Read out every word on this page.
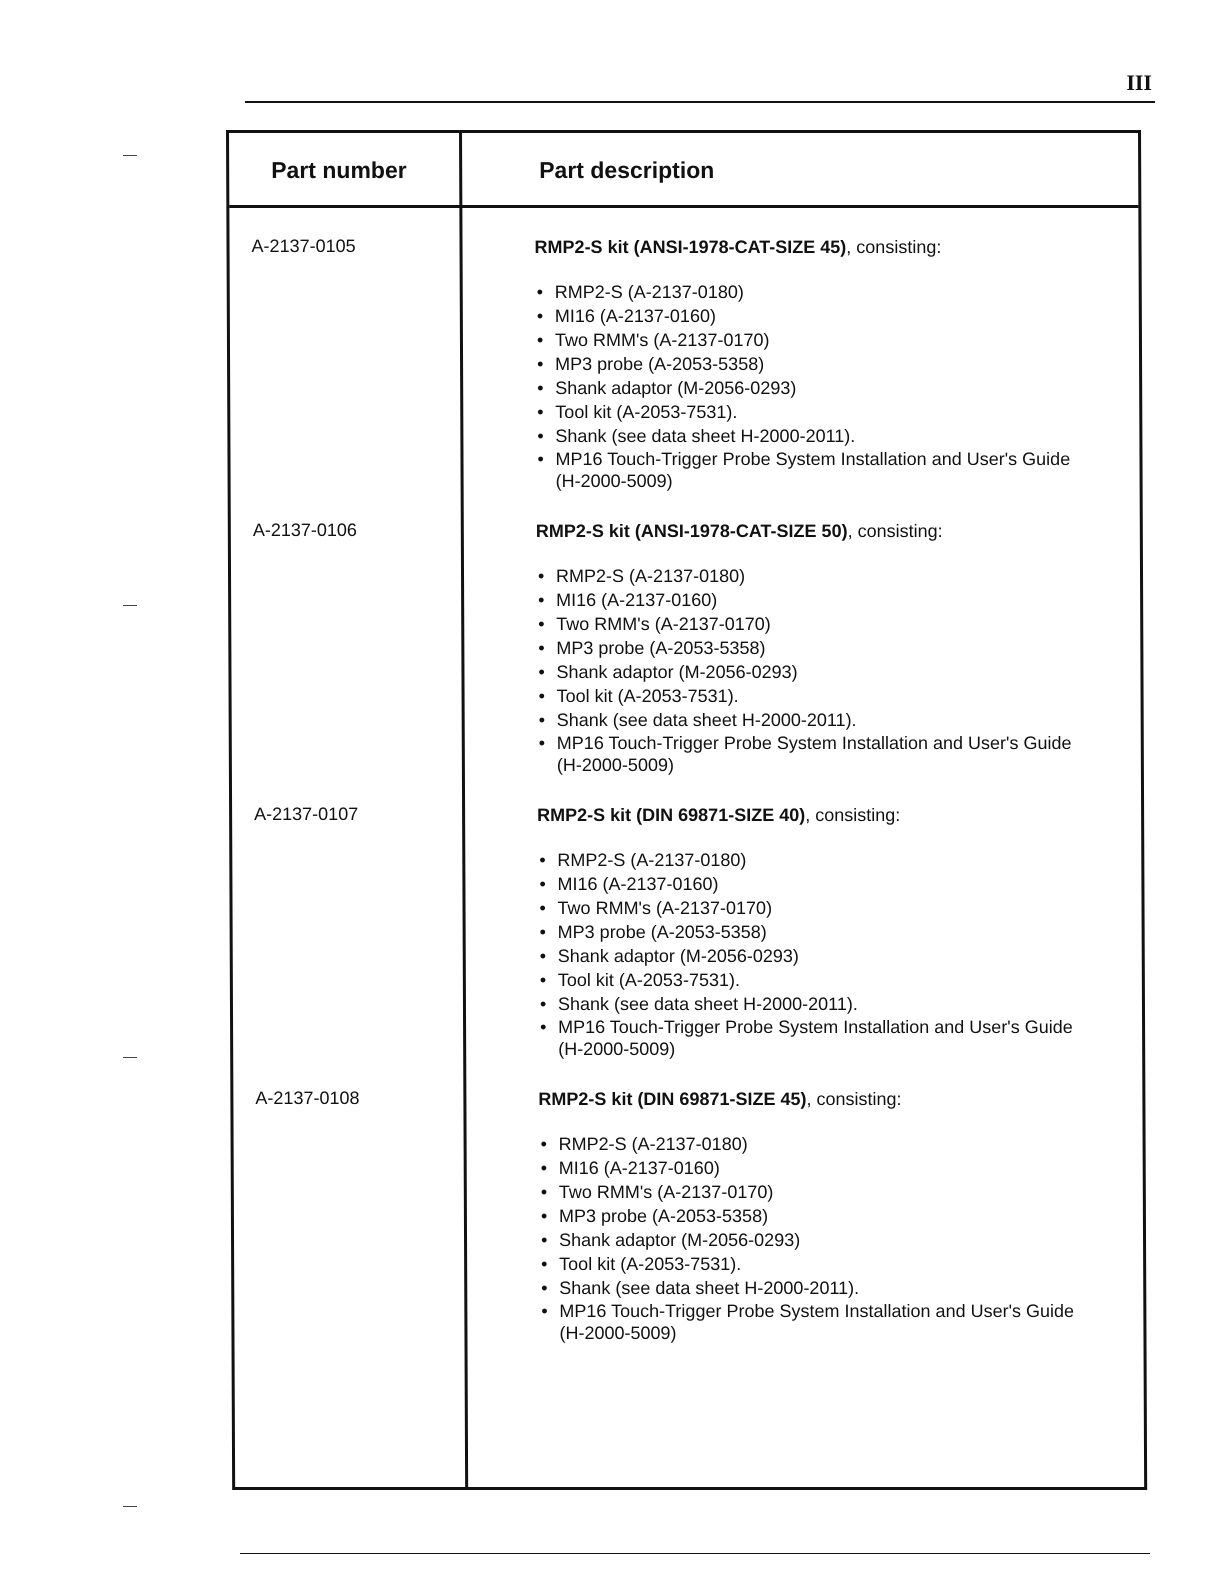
III
Part number	Part description
A-2137-0105	RMP2-S kit (ANSI-1978-CAT-SIZE 45), consisting:

• RMP2-S (A-2137-0180)
• MI16 (A-2137-0160)
• Two RMM's (A-2137-0170)
• MP3 probe (A-2053-5358)
• Shank adaptor (M-2056-0293)
• Tool kit (A-2053-7531).
• Shank (see data sheet H-2000-2011).
• MP16 Touch-Trigger Probe System Installation and User's Guide (H-2000-5009)
A-2137-0106	RMP2-S kit (ANSI-1978-CAT-SIZE 50), consisting:

• RMP2-S (A-2137-0180)
• MI16 (A-2137-0160)
• Two RMM's (A-2137-0170)
• MP3 probe (A-2053-5358)
• Shank adaptor (M-2056-0293)
• Tool kit (A-2053-7531).
• Shank (see data sheet H-2000-2011).
• MP16 Touch-Trigger Probe System Installation and User's Guide (H-2000-5009)
A-2137-0107	RMP2-S kit (DIN 69871-SIZE 40), consisting:

• RMP2-S (A-2137-0180)
• MI16 (A-2137-0160)
• Two RMM's (A-2137-0170)
• MP3 probe (A-2053-5358)
• Shank adaptor (M-2056-0293)
• Tool kit (A-2053-7531).
• Shank (see data sheet H-2000-2011).
• MP16 Touch-Trigger Probe System Installation and User's Guide (H-2000-5009)
A-2137-0108	RMP2-S kit (DIN 69871-SIZE 45), consisting:

• RMP2-S (A-2137-0180)
• MI16 (A-2137-0160)
• Two RMM's (A-2137-0170)
• MP3 probe (A-2053-5358)
• Shank adaptor (M-2056-0293)
• Tool kit (A-2053-7531).
• Shank (see data sheet H-2000-2011).
• MP16 Touch-Trigger Probe System Installation and User's Guide (H-2000-5009)
